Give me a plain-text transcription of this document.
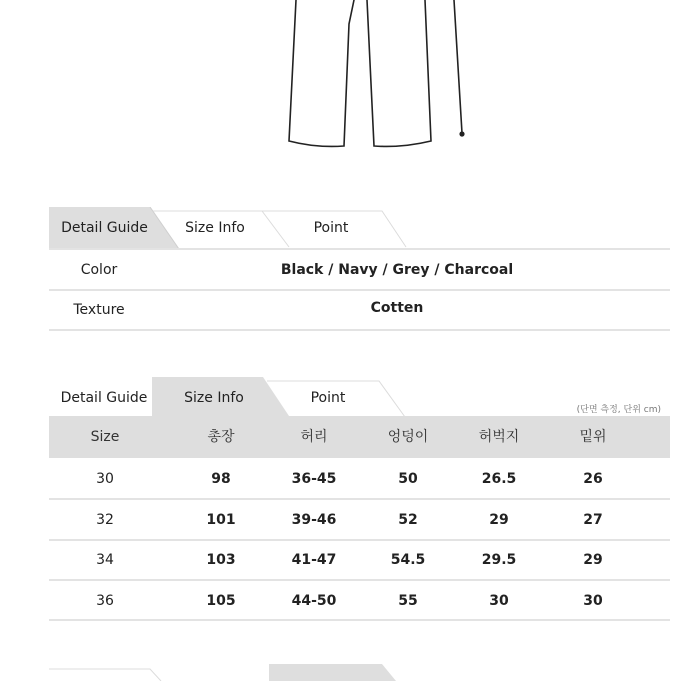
Detail Guide	Size Info	Point
Color	Black / Navy / Grey / Charcoal
Texture	Cotten
Detail Guide	Size Info	Point
(단면 측정, 단위 cm)
Size	총장	허리	엉덩이	허벅지	밑위
30	98	36-45	50	26.5	26
32	101	39-46	52	29	27
34	103	41-47	54.5	29.5	29
36	105	44-50	55	30	30
